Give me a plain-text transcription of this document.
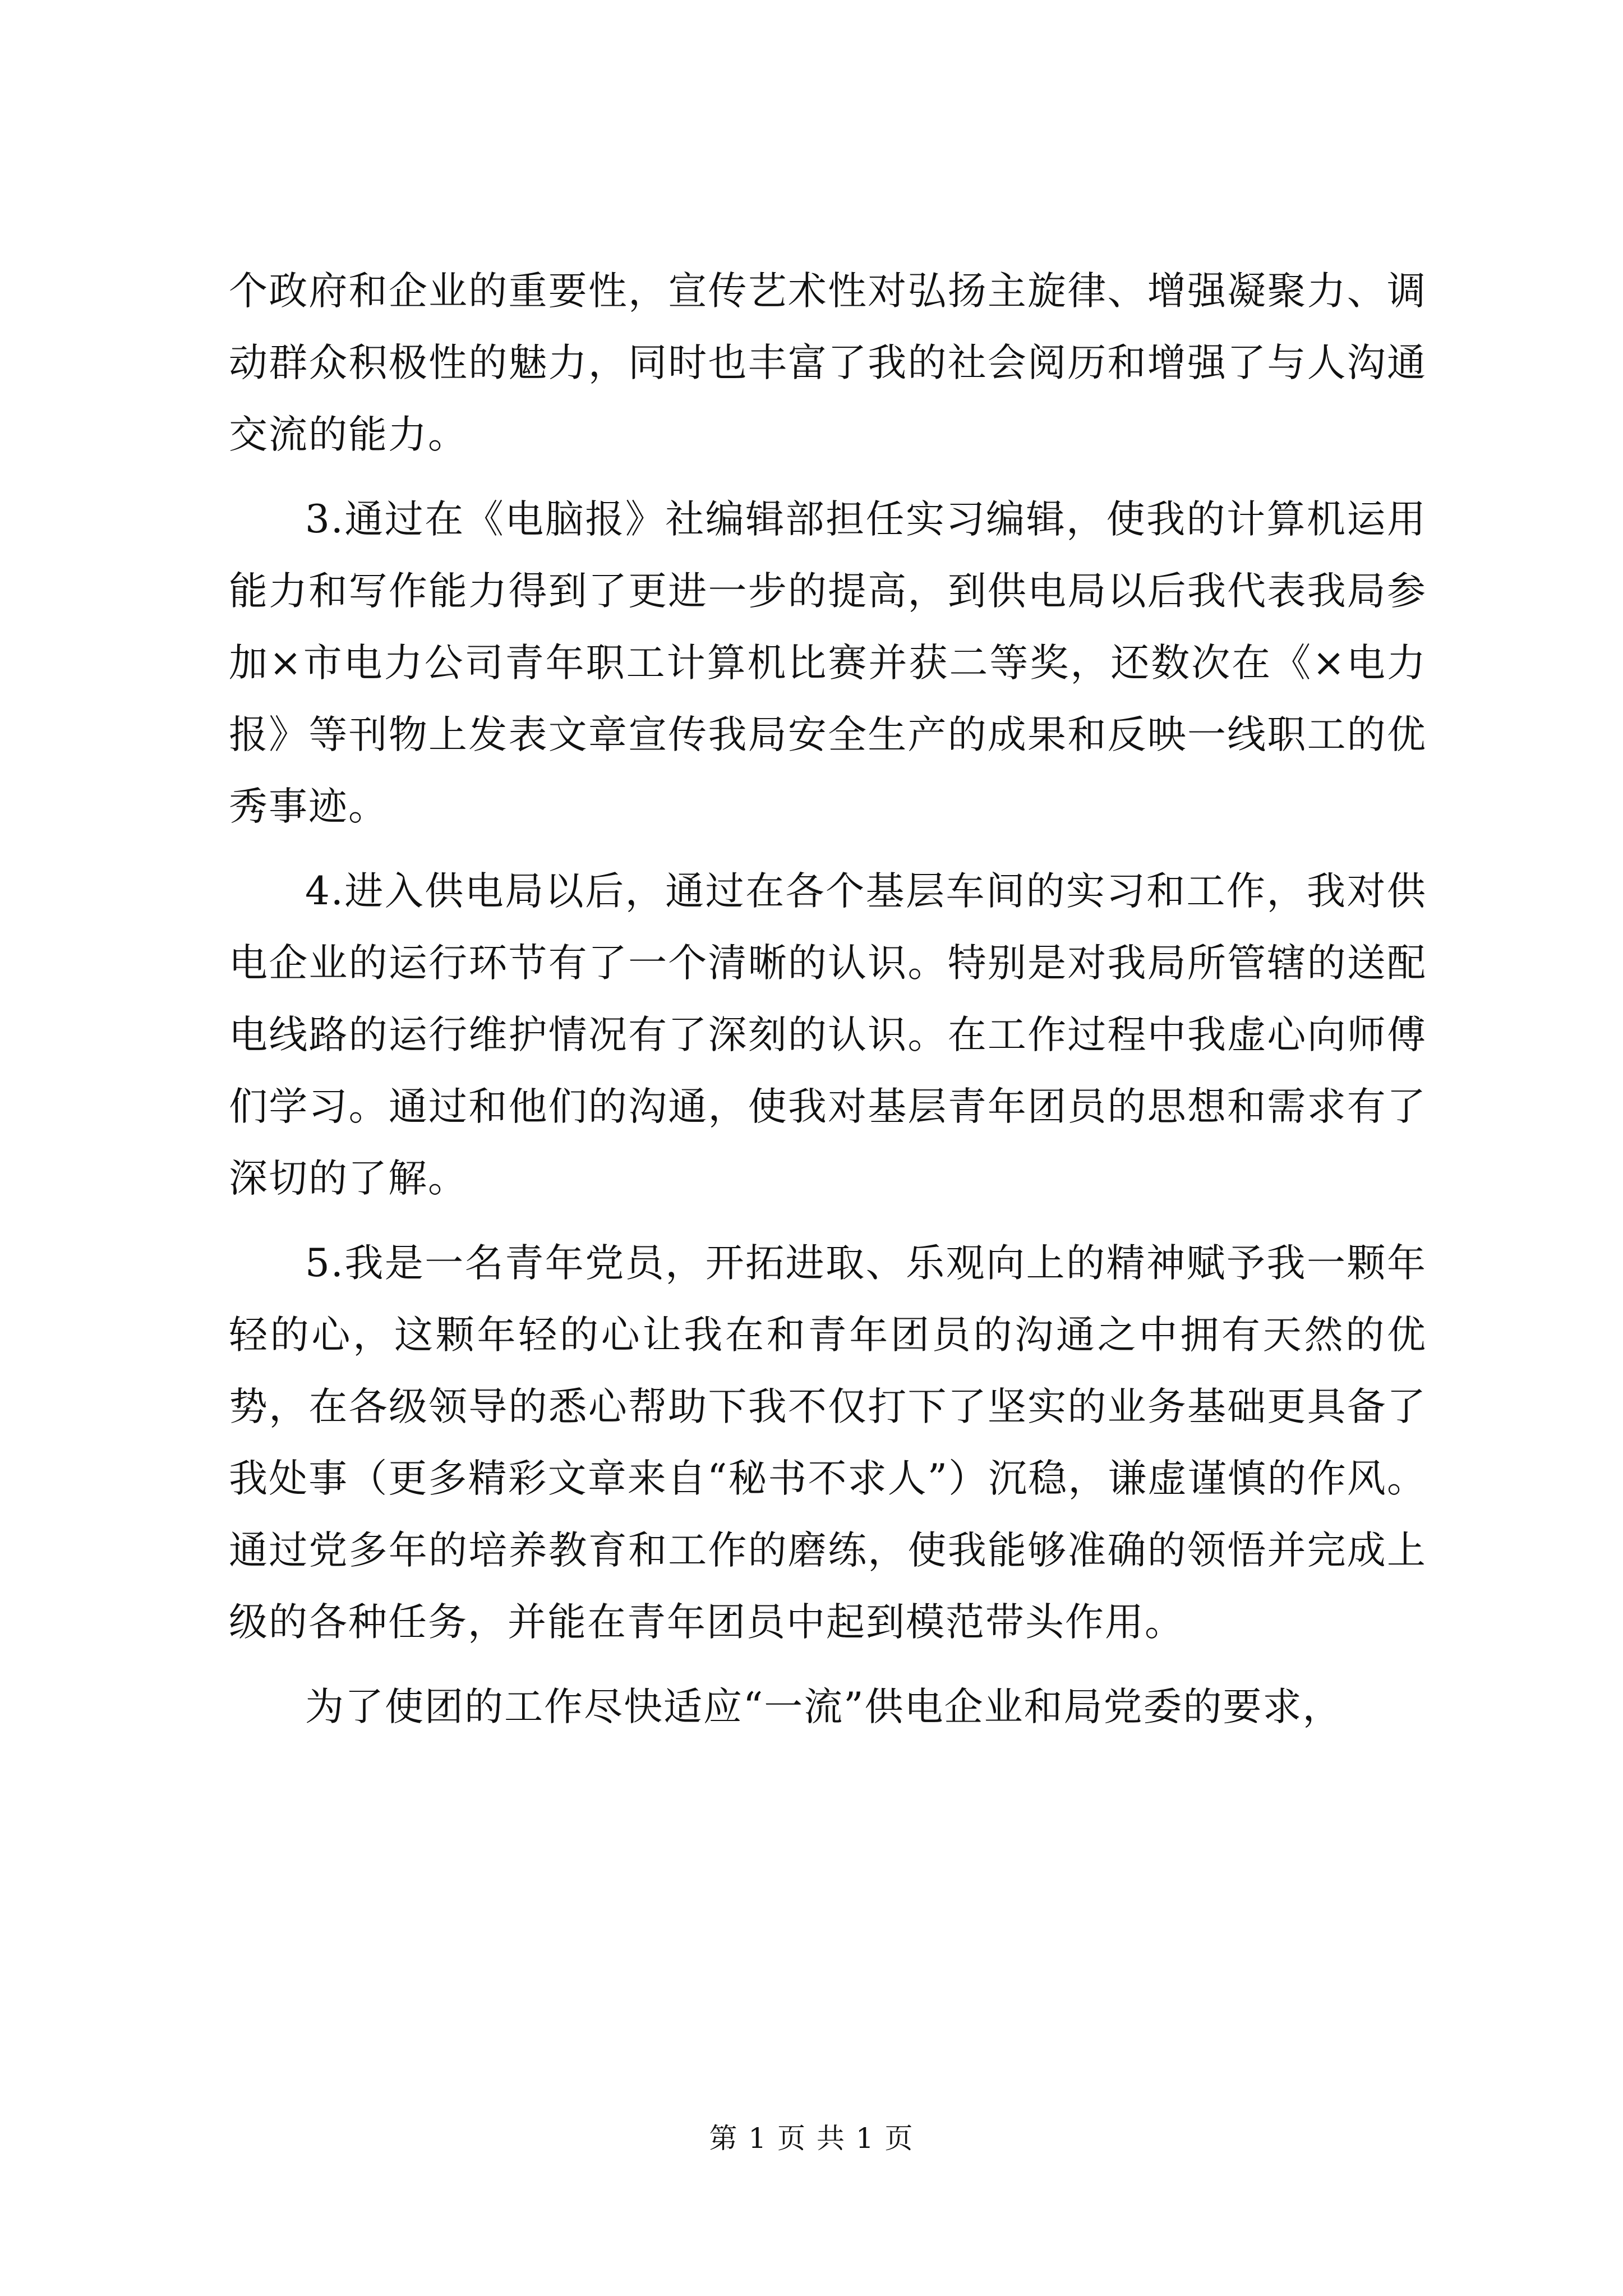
个政府和企业的重要性，宣传艺术性对弘扬主旋律、增强凝聚力、调动群众积极性的魅力，同时也丰富了我的社会阅历和增强了与人沟通交流的能力。

3.通过在《电脑报》社编辑部担任实习编辑，使我的计算机运用能力和写作能力得到了更进一步的提高，到供电局以后我代表我局参加×市电力公司青年职工计算机比赛并获二等奖，还数次在《×电力报》等刊物上发表文章宣传我局安全生产的成果和反映一线职工的优秀事迹。

4.进入供电局以后，通过在各个基层车间的实习和工作，我对供电企业的运行环节有了一个清晰的认识。特别是对我局所管辖的送配电线路的运行维护情况有了深刻的认识。在工作过程中我虚心向师傅们学习。通过和他们的沟通，使我对基层青年团员的思想和需求有了深切的了解。

5.我是一名青年党员，开拓进取、乐观向上的精神赋予我一颗年轻的心，这颗年轻的心让我在和青年团员的沟通之中拥有天然的优势，在各级领导的悉心帮助下我不仅打下了坚实的业务基础更具备了我处事（更多精彩文章来自“秘书不求人”）沉稳，谦虚谨慎的作风。通过党多年的培养教育和工作的磨练，使我能够准确的领悟并完成上级的各种任务，并能在青年团员中起到模范带头作用。

为了使团的工作尽快适应“一流”供电企业和局党委的要求，

第 1 页 共 1 页
